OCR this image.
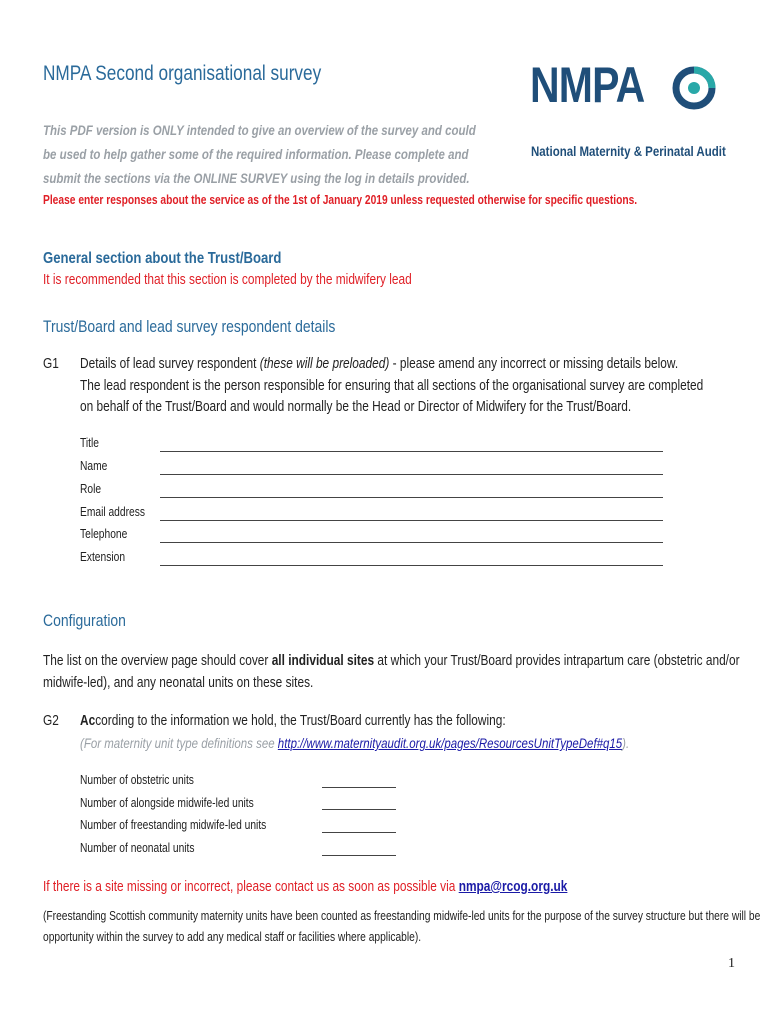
NMPA Second organisational survey	NMPA
National Maternity & Perinatal Audit
This PDF version is ONLY intended to give an overview of the survey and could
be used to help gather some of the required information. Please complete and
submit the sections via the ONLINE SURVEY using the log in details provided.
Please enter responses about the service as of the 1st of January 2019 unless requested otherwise for specific questions.
General section about the Trust/Board
It is recommended that this section is completed by the midwifery lead
Trust/Board and lead survey respondent details
G1 Details of lead survey respondent (these will be preloaded) - please amend any incorrect or missing details below.
The lead respondent is the person responsible for ensuring that all sections of the organisational survey are completed
on behalf of the Trust/Board and would normally be the Head or Director of Midwifery for the Trust/Board.
Title
Name
Role
Email address
Telephone
Extension
Configuration
The list on the overview page should cover all individual sites at which your Trust/Board provides intrapartum care (obstetric and/or
midwife-led), and any neonatal units on these sites.
G2 According to the information we hold, the Trust/Board currently has the following:
(For maternity unit type definitions see http://www.maternityaudit.org.uk/pages/ResourcesUnitTypeDef#q15).
Number of obstetric units
Number of alongside midwife-led units
Number of freestanding midwife-led units
Number of neonatal units
If there is a site missing or incorrect, please contact us as soon as possible via nmpa@rcog.org.uk
(Freestanding Scottish community maternity units have been counted as freestanding midwife-led units for the purpose of the survey structure but there will be
opportunity within the survey to add any medical staff or facilities where applicable).
1
